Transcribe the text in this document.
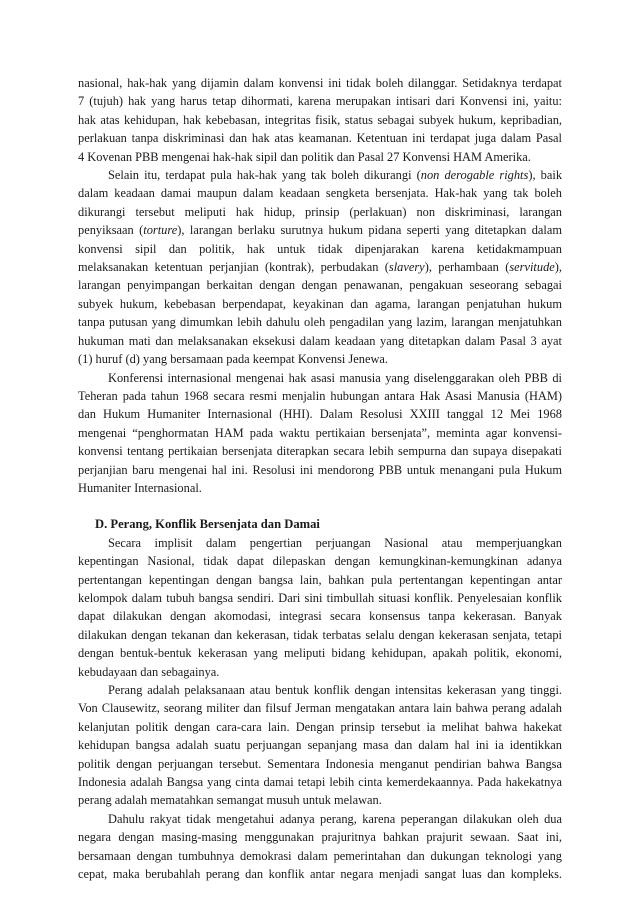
nasional, hak-hak yang dijamin dalam konvensi ini tidak boleh dilanggar. Setidaknya terdapat
7 (tujuh) hak yang harus tetap dihormati, karena merupakan intisari dari Konvensi ini, yaitu:
hak atas kehidupan, hak kebebasan, integritas fisik, status sebagai subyek hukum, kepribadian,
perlakuan tanpa diskriminasi dan hak atas keamanan. Ketentuan ini terdapat juga dalam Pasal
4 Kovenan PBB mengenai hak-hak sipil dan politik dan Pasal 27 Konvensi HAM Amerika.

Selain itu, terdapat pula hak-hak yang tak boleh dikurangi (non derogable rights), baik
dalam keadaan damai maupun dalam keadaan sengketa bersenjata. Hak-hak yang tak boleh
dikurangi tersebut meliputi hak hidup, prinsip (perlakuan) non diskriminasi, larangan
penyiksaan (torture), larangan berlaku surutnya hukum pidana seperti yang ditetapkan dalam
konvensi sipil dan politik, hak untuk tidak dipenjarakan karena ketidakmampuan
melaksanakan ketentuan perjanjian (kontrak), perbudakan (slavery), perhambaan (servitude),
larangan penyimpangan berkaitan dengan dengan penawanan, pengakuan seseorang sebagai
subyek hukum, kebebasan berpendapat, keyakinan dan agama, larangan penjatuhan hukum
tanpa putusan yang dimumkan lebih dahulu oleh pengadilan yang lazim, larangan menjatuhkan
hukuman mati dan melaksanakan eksekusi dalam keadaan yang ditetapkan dalam Pasal 3 ayat
(1) huruf (d) yang bersamaan pada keempat Konvensi Jenewa.

Konferensi internasional mengenai hak asasi manusia yang diselenggarakan oleh PBB di
Teheran pada tahun 1968 secara resmi menjalin hubungan antara Hak Asasi Manusia (HAM)
dan Hukum Humaniter Internasional (HHI). Dalam Resolusi XXIII tanggal 12 Mei 1968
mengenai “penghormatan HAM pada waktu pertikaian bersenjata”, meminta agar konvensi-
konvensi tentang pertikaian bersenjata diterapkan secara lebih sempurna dan supaya disepakati
perjanjian baru mengenai hal ini. Resolusi ini mendorong PBB untuk menangani pula Hukum
Humaniter Internasional.

D. Perang, Konflik Bersenjata dan Damai

Secara implisit dalam pengertian perjuangan Nasional atau memperjuangkan
kepentingan Nasional, tidak dapat dilepaskan dengan kemungkinan-kemungkinan adanya
pertentangan kepentingan dengan bangsa lain, bahkan pula pertentangan kepentingan antar
kelompok dalam tubuh bangsa sendiri. Dari sini timbullah situasi konflik. Penyelesaian konflik
dapat dilakukan dengan akomodasi, integrasi secara konsensus tanpa kekerasan. Banyak
dilakukan dengan tekanan dan kekerasan, tidak terbatas selalu dengan kekerasan senjata, tetapi
dengan bentuk-bentuk kekerasan yang meliputi bidang kehidupan, apakah politik, ekonomi,
kebudayaan dan sebagainya.

Perang adalah pelaksanaan atau bentuk konflik dengan intensitas kekerasan yang tinggi.
Von Clausewitz, seorang militer dan filsuf Jerman mengatakan antara lain bahwa perang adalah
kelanjutan politik dengan cara-cara lain. Dengan prinsip tersebut ia melihat bahwa hakekat
kehidupan bangsa adalah suatu perjuangan sepanjang masa dan dalam hal ini ia identikkan
politik dengan perjuangan tersebut. Sementara Indonesia menganut pendirian bahwa Bangsa
Indonesia adalah Bangsa yang cinta damai tetapi lebih cinta kemerdekaannya. Pada hakekatnya
perang adalah mematahkan semangat musuh untuk melawan.

Dahulu rakyat tidak mengetahui adanya perang, karena peperangan dilakukan oleh dua
negara dengan masing-masing menggunakan prajuritnya bahkan prajurit sewaan. Saat ini,
bersamaan dengan tumbuhnya demokrasi dalam pemerintahan dan dukungan teknologi yang
cepat, maka berubahlah perang dan konflik antar negara menjadi sangat luas dan kompleks.
